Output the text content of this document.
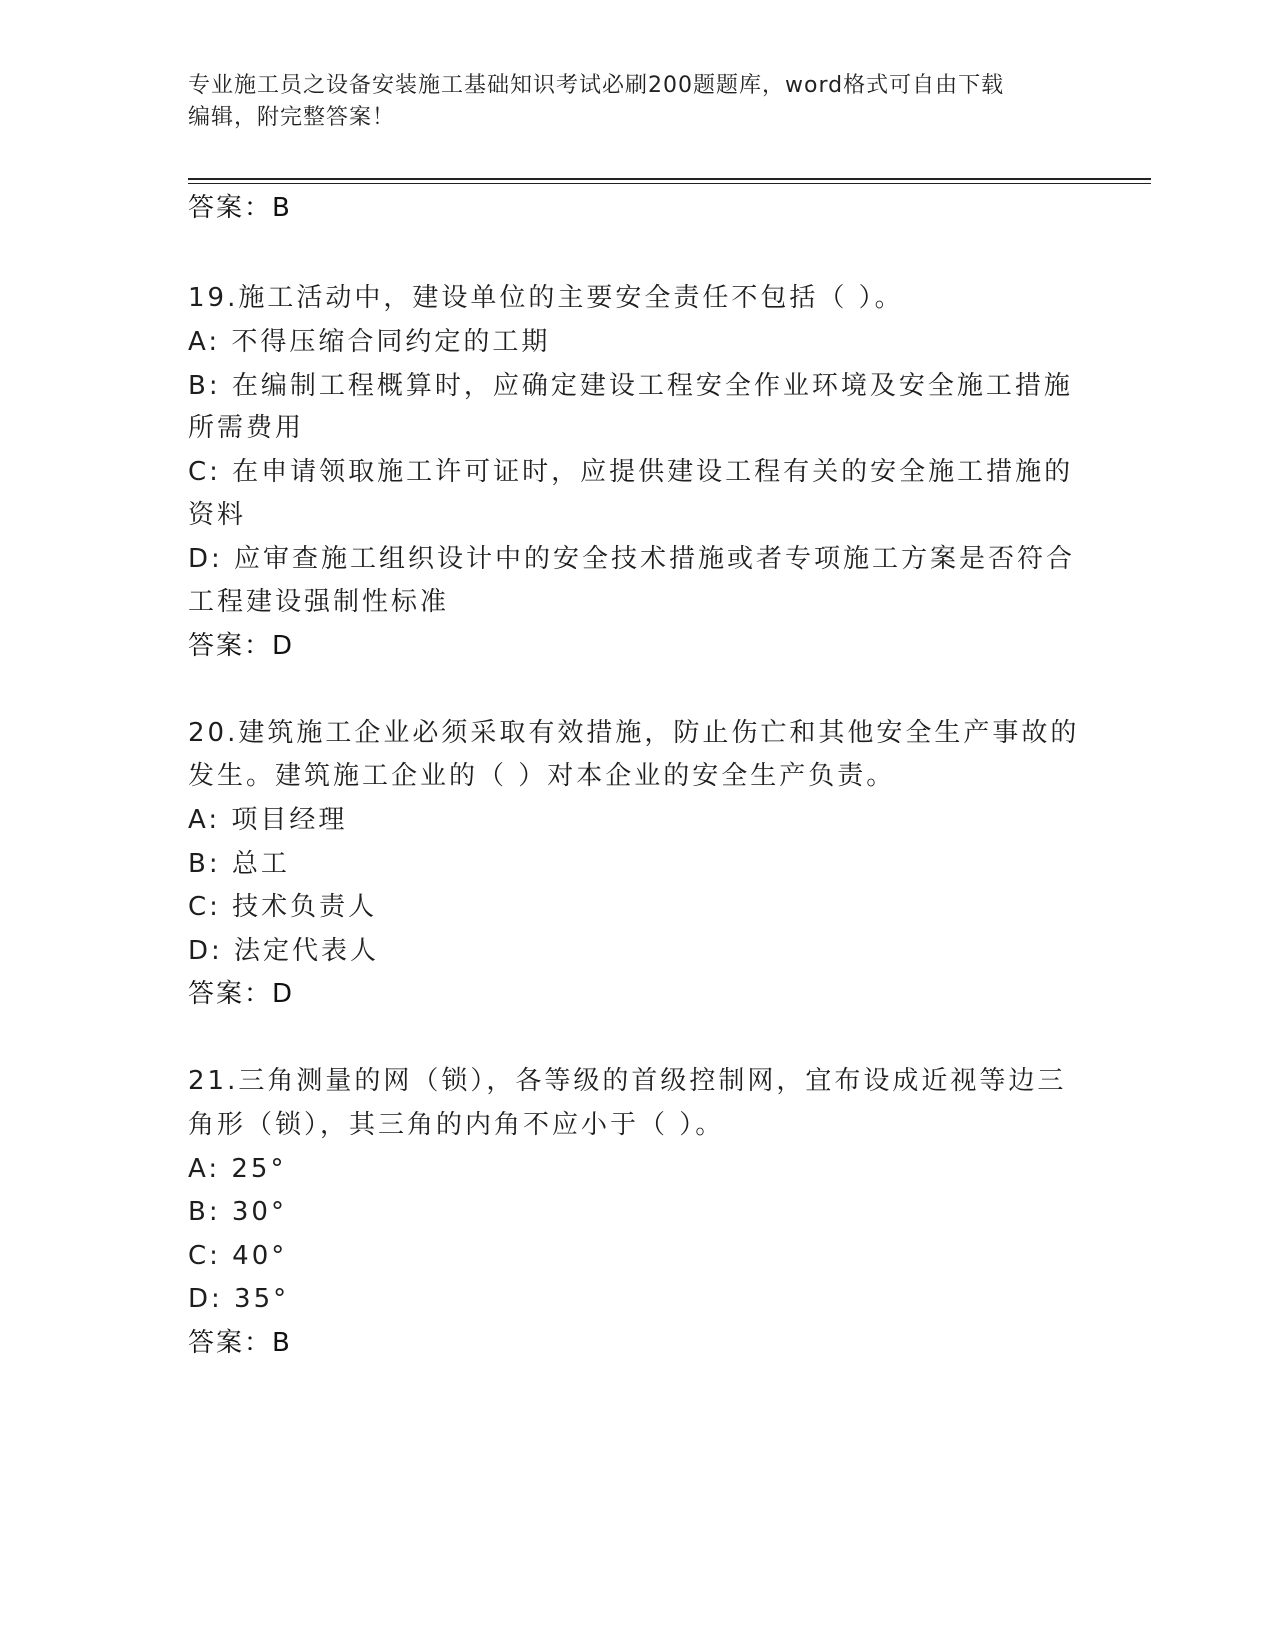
专业施工员之设备安装施工基础知识考试必刷200题题库，word格式可自由下载
编辑，附完整答案！
答案：B
19.施工活动中，建设单位的主要安全责任不包括（ ）。
A: 不得压缩合同约定的工期
B: 在编制工程概算时，应确定建设工程安全作业环境及安全施工措施
所需费用
C: 在申请领取施工许可证时，应提供建设工程有关的安全施工措施的
资料
D: 应审查施工组织设计中的安全技术措施或者专项施工方案是否符合
工程建设强制性标准
答案：D
20.建筑施工企业必须采取有效措施，防止伤亡和其他安全生产事故的
发生。建筑施工企业的（ ）对本企业的安全生产负责。
A: 项目经理
B: 总工
C: 技术负责人
D: 法定代表人
答案：D
21.三角测量的网（锁），各等级的首级控制网，宜布设成近视等边三
角形（锁），其三角的内角不应小于（ ）。
A: 25°
B: 30°
C: 40°
D: 35°
答案：B
